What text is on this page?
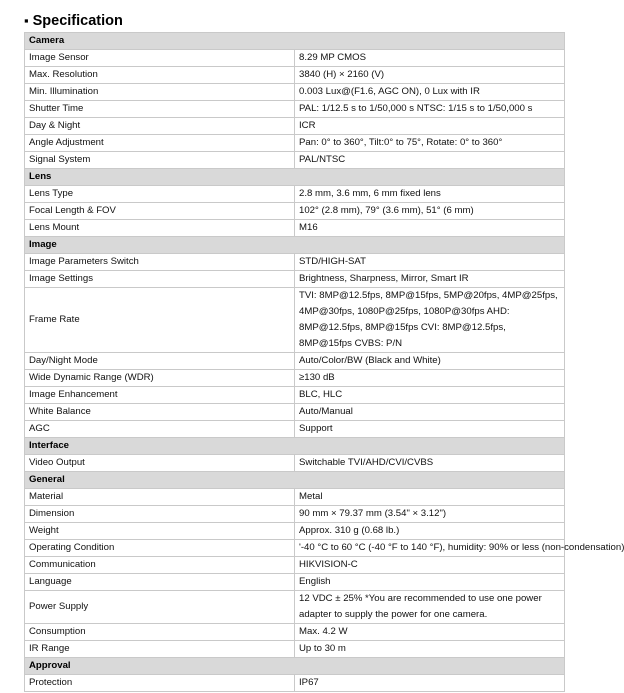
▪ Specification
Camera	
Image Sensor	8.29 MP CMOS
Max. Resolution	3840 (H) × 2160 (V)
Min. Illumination	0.003 Lux@(F1.6, AGC ON), 0 Lux with IR
Shutter Time	PAL: 1/12.5 s to 1/50,000 s NTSC: 1/15 s to 1/50,000 s
Day & Night	ICR
Angle Adjustment	Pan: 0° to 360°, Tilt:0° to 75°, Rotate: 0° to 360°
Signal System	PAL/NTSC
Lens	
Lens Type	2.8 mm, 3.6 mm, 6 mm fixed lens
Focal Length & FOV	102° (2.8 mm), 79° (3.6 mm), 51° (6 mm)
Lens Mount	M16
Image	
Image Parameters Switch	STD/HIGH-SAT
Image Settings	Brightness, Sharpness, Mirror, Smart IR
Frame Rate	TVI: 8MP@12.5fps, 8MP@15fps, 5MP@20fps, 4MP@25fps, 4MP@30fps, 1080P@25fps, 1080P@30fps AHD: 8MP@12.5fps, 8MP@15fps CVI: 8MP@12.5fps, 8MP@15fps CVBS: P/N
Day/Night Mode	Auto/Color/BW (Black and White)
Wide Dynamic Range (WDR)	≥130 dB
Image Enhancement	BLC, HLC
White Balance	Auto/Manual
AGC	Support
Interface	
Video Output	Switchable TVI/AHD/CVI/CVBS
General	
Material	Metal
Dimension	90 mm × 79.37 mm (3.54" × 3.12")
Weight	Approx. 310 g (0.68 lb.)
Operating Condition	'-40 °C to 60 °C (-40 °F to 140 °F), humidity: 90% or less (non-condensation)
Communication	HIKVISION-C
Language	English
Power Supply	12 VDC ± 25% *You are recommended to use one power adapter to supply the power for one camera.
Consumption	Max. 4.2 W
IR Range	Up to 30 m
Approval	
Protection	IP67
